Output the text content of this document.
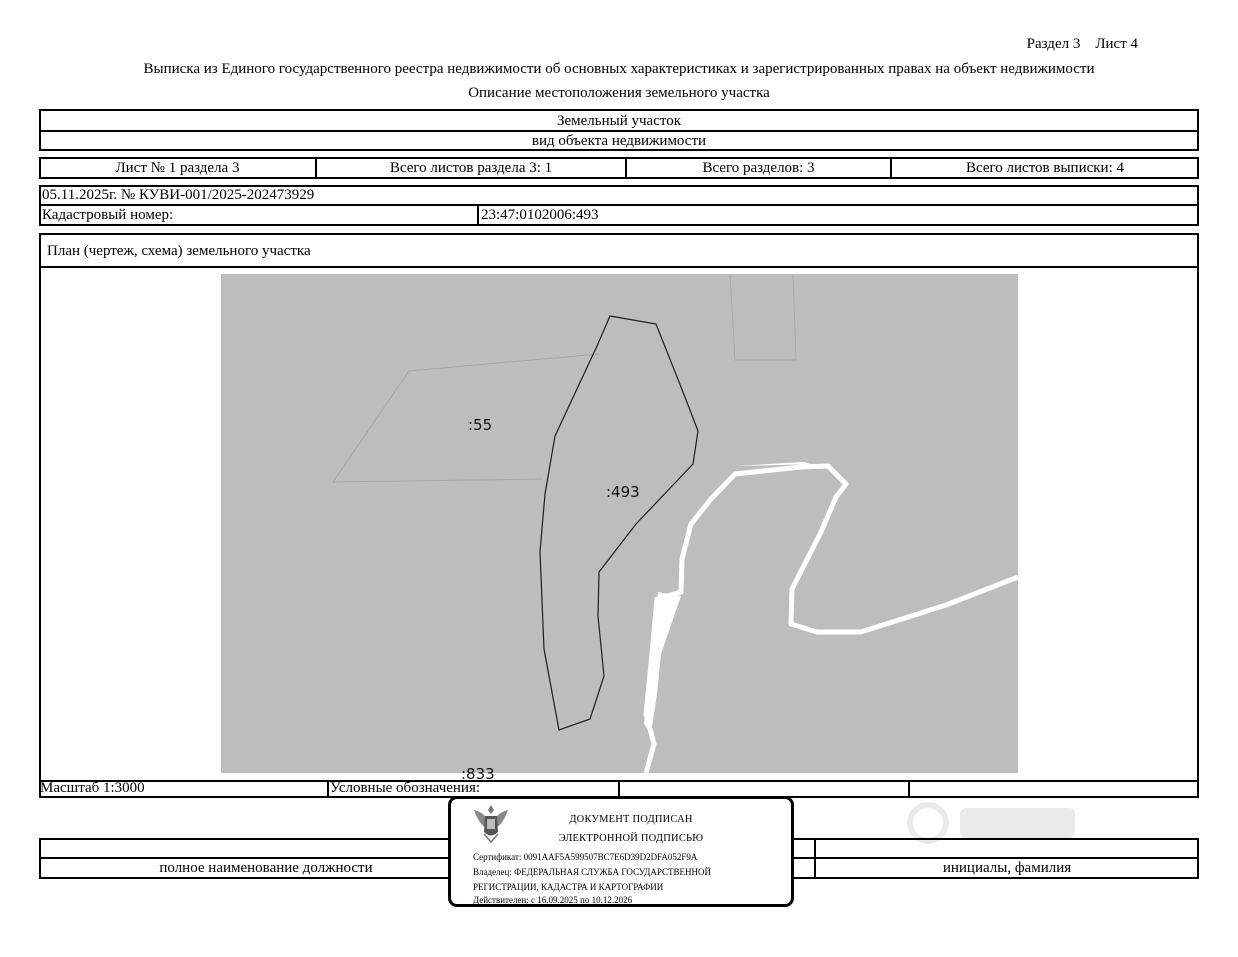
Раздел 3    Лист 4
Выписка из Единого государственного реестра недвижимости об основных характеристиках и зарегистрированных правах на объект недвижимости
Описание местоположения земельного участка
Земельный участок
вид объекта недвижимости
Лист № 1 раздела 3	Всего листов раздела 3: 1	Всего разделов: 3	Всего листов выписки: 4
05.11.2025г. № КУВИ-001/2025-202473929
Кадастровый номер:	23:47:0102006:493
План (чертеж, схема) земельного участка
:55
:493
:833
Масштаб 1:3000	Условные обозначения:
полное наименование должности	инициалы, фамилия
ДОКУМЕНТ ПОДПИСАН
ЭЛЕКТРОННОЙ ПОДПИСЬЮ
Сертификат: 0091AAF5A599507BC7E6D39D2DFA052F9A
Владелец: ФЕДЕРАЛЬНАЯ СЛУЖБА ГОСУДАРСТВЕННОЙ
РЕГИСТРАЦИИ, КАДАСТРА И КАРТОГРАФИИ
Действителен: с 16.09.2025 по 10.12.2026
